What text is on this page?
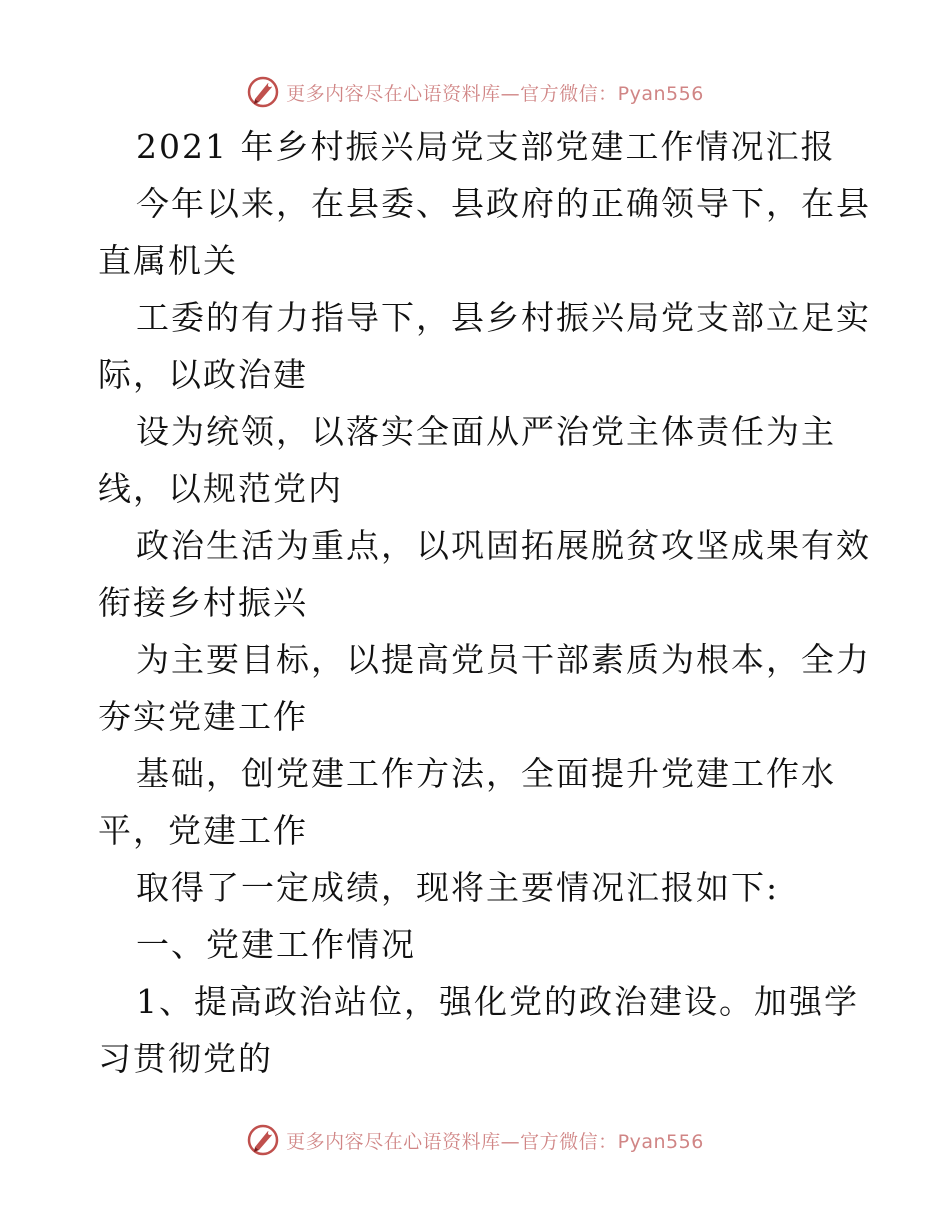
更多内容尽在心语资料库—官方微信：Pyan556
2021 年乡村振兴局党支部党建工作情况汇报
今年以来，在县委、县政府的正确领导下，在县
直属机关
工委的有力指导下，县乡村振兴局党支部立足实
际，以政治建
设为统领，以落实全面从严治党主体责任为主
线，以规范党内
政治生活为重点，以巩固拓展脱贫攻坚成果有效
衔接乡村振兴
为主要目标，以提高党员干部素质为根本，全力
夯实党建工作
基础，创党建工作方法，全面提升党建工作水
平，党建工作
取得了一定成绩，现将主要情况汇报如下:
一、党建工作情况
1、提高政治站位，强化党的政治建设。加强学
习贯彻党的
更多内容尽在心语资料库—官方微信：Pyan556
